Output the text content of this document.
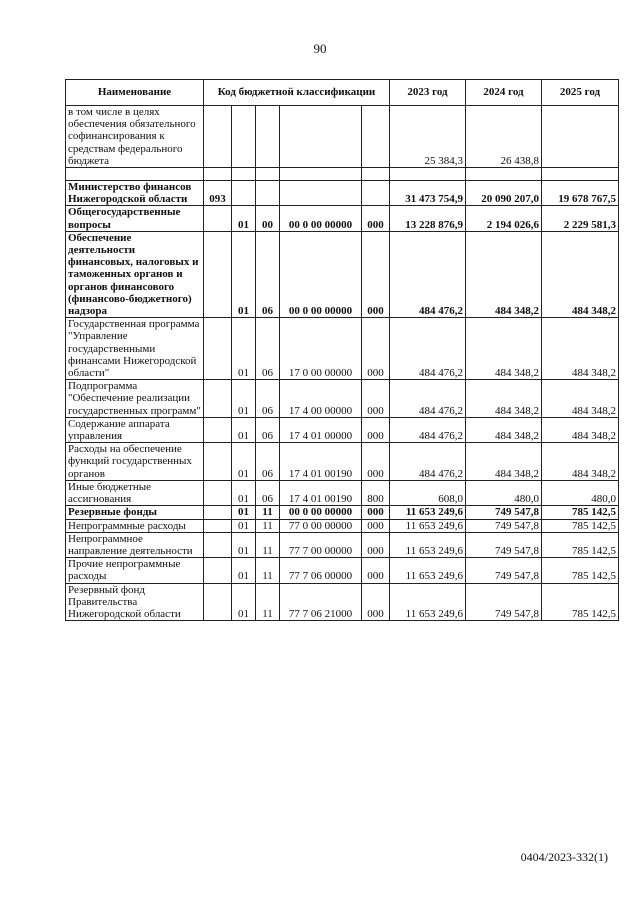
90
Наименование	Код бюджетной классификации					2023 год	2024 год	2025 год
в том числе в целях обеспечения обязательного софинансирования к средствам федерального бюджета						25 384,3	26 438,8	

Министерство финансов Нижегородской области	093					31 473 754,9	20 090 207,0	19 678 767,5
Общегосударственные вопросы		01	00	00 0 00 00000	000	13 228 876,9	2 194 026,6	2 229 581,3
Обеспечение деятельности финансовых, налоговых и таможенных органов и органов финансового (финансово-бюджетного) надзора		01	06	00 0 00 00000	000	484 476,2	484 348,2	484 348,2
Государственная программа "Управление государственными финансами Нижегородской области"		01	06	17 0 00 00000	000	484 476,2	484 348,2	484 348,2
Подпрограмма "Обеспечение реализации государственных программ"		01	06	17 4 00 00000	000	484 476,2	484 348,2	484 348,2
Содержание аппарата управления		01	06	17 4 01 00000	000	484 476,2	484 348,2	484 348,2
Расходы на обеспечение функций государственных органов		01	06	17 4 01 00190	000	484 476,2	484 348,2	484 348,2
Иные бюджетные ассигнования		01	06	17 4 01 00190	800	608,0	480,0	480,0
Резервные фонды		01	11	00 0 00 00000	000	11 653 249,6	749 547,8	785 142,5
Непрограммные расходы		01	11	77 0 00 00000	000	11 653 249,6	749 547,8	785 142,5
Непрограммное направление деятельности		01	11	77 7 00 00000	000	11 653 249,6	749 547,8	785 142,5
Прочие непрограммные расходы		01	11	77 7 06 00000	000	11 653 249,6	749 547,8	785 142,5
Резервный фонд Правительства Нижегородской области		01	11	77 7 06 21000	000	11 653 249,6	749 547,8	785 142,5
0404/2023-332(1)
